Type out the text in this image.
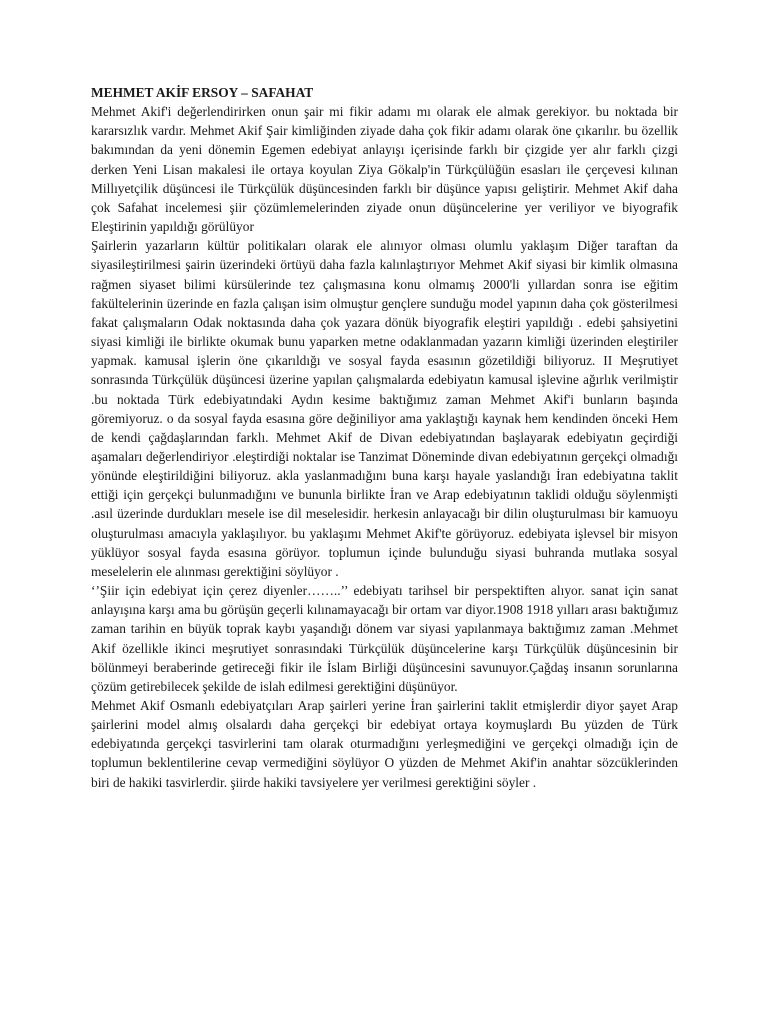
MEHMET AKİF ERSOY – SAFAHAT

Mehmet Akif'i değerlendirirken onun şair mi fikir adamı mı olarak ele almak gerekiyor. bu noktada bir kararsızlık vardır. Mehmet Akif Şair kimliğinden ziyade daha çok fikir adamı olarak öne çıkarılır. bu özellik bakımından da yeni dönemin Egemen edebiyat anlayışı içerisinde farklı bir çizgide yer alır farklı çizgi derken Yeni Lisan makalesi ile ortaya koyulan Ziya Gökalp'in Türkçülüğün esasları ile çerçevesi kılınan Millıyetçilik düşüncesi ile Türkçülük düşüncesinden farklı bir düşünce yapısı geliştirir. Mehmet Akif daha çok Safahat incelemesi şiir çözümlemelerinden ziyade onun düşüncelerine yer veriliyor ve biyografik Eleştirinin yapıldığı görülüyor

Şairlerin yazarların kültür politikaları olarak ele alınıyor olması olumlu yaklaşım Diğer taraftan da siyasileştirilmesi şairin üzerindeki örtüyü daha fazla kalınlaştırıyor Mehmet Akif siyasi bir kimlik olmasına rağmen siyaset bilimi kürsülerinde tez çalışmasına konu olmamış 2000'li yıllardan sonra ise eğitim fakültelerinin üzerinde en fazla çalışan isim olmuştur gençlere sunduğu model yapının daha çok gösterilmesi fakat çalışmaların Odak noktasında daha çok yazara dönük biyografik eleştiri yapıldığı . edebi şahsiyetini siyasi kimliği ile birlikte okumak bunu yaparken metne odaklanmadan yazarın kimliği üzerinden eleştiriler yapmak. kamusal işlerin öne çıkarıldığı ve sosyal fayda esasının gözetildiği biliyoruz. II Meşrutiyet sonrasında Türkçülük düşüncesi üzerine yapılan çalışmalarda edebiyatın kamusal işlevine ağırlık verilmiştir .bu noktada Türk edebiyatındaki Aydın kesime baktığımız zaman Mehmet Akif'i bunların başında göremiyoruz. o da sosyal fayda esasına göre değiniliyor ama yaklaştığı kaynak hem kendinden önceki Hem de kendi çağdaşlarından farklı. Mehmet Akif de Divan edebiyatından başlayarak edebiyatın geçirdiği aşamaları değerlendiriyor .eleştirdiği noktalar ise Tanzimat Döneminde divan edebiyatının gerçekçi olmadığı yönünde eleştirildiğini biliyoruz. akla yaslanmadığını buna karşı hayale yaslandığı İran edebiyatına taklit ettiği için gerçekçi bulunmadığını ve bununla birlikte İran ve Arap edebiyatının taklidi olduğu söylenmişti .asıl üzerinde durdukları mesele ise dil meselesidir. herkesin anlayacağı bir dilin oluşturulması bir kamuoyu oluşturulması amacıyla yaklaşılıyor. bu yaklaşımı Mehmet Akif'te görüyoruz. edebiyata işlevsel bir misyon yüklüyor sosyal fayda esasına görüyor. toplumun içinde bulunduğu siyasi buhranda mutlaka sosyal meselelerin ele alınması gerektiğini söylüyor .

‘’Şiir için edebiyat için çerez diyenler……..’’ edebiyatı tarihsel bir perspektiften alıyor. sanat için sanat anlayışına karşı ama bu görüşün geçerli kılınamayacağı bir ortam var diyor.1908 1918 yılları arası baktığımız zaman tarihin en büyük toprak kaybı yaşandığı dönem var siyasi yapılanmaya baktığımız zaman .Mehmet Akif özellikle ikinci meşrutiyet sonrasındaki Türkçülük düşüncelerine karşı Türkçülük düşüncesinin bir bölünmeyi beraberinde getireceği fikir ile İslam Birliği düşüncesini savunuyor.Çağdaş insanın sorunlarına çözüm getirebilecek şekilde de islah edilmesi gerektiğini düşünüyor.

Mehmet Akif Osmanlı edebiyatçıları Arap şairleri yerine İran şairlerini taklit etmişlerdir diyor şayet Arap şairlerini model almış olsalardı daha gerçekçi bir edebiyat ortaya koymuşlardı Bu yüzden de Türk edebiyatında gerçekçi tasvirlerini tam olarak oturmadığını yerleşmediğini ve gerçekçi olmadığı için de toplumun beklentilerine cevap vermediğini söylüyor O yüzden de Mehmet Akif'in anahtar sözcüklerinden biri de hakiki tasvirlerdir. şiirde hakiki tavsiyelere yer verilmesi gerektiğini söyler .
